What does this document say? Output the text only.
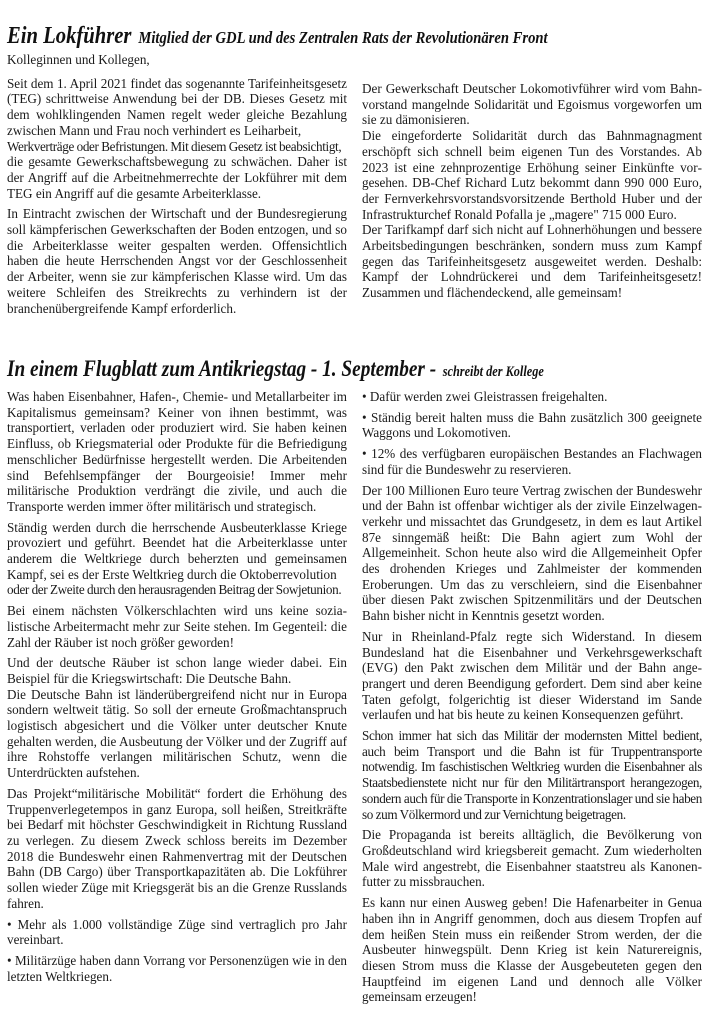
Ein Lokführer Mitglied der GDL und des Zentralen Rats der Revolutionären Front

Kolleginnen und Kollegen,

Seit dem 1. April 2021 findet das sogenannte Tarifeinheitsgesetz (TEG) schrittweise Anwendung bei der DB. Dieses Gesetz mit dem wohlklingenden Namen regelt weder gleiche Bezahlung zwischen Mann und Frau noch verhindert es Leiharbeit,

Werkverträge oder Befristungen. Mit diesem Gesetz ist beabsichtigt,

die gesamte Gewerkschaftsbewegung zu schwächen. Daher ist der Angriff auf die Arbeitnehmerrechte der Lokführer mit dem TEG ein Angriff auf die gesamte Arbeiterklasse.

In Eintracht zwischen der Wirtschaft und der Bundesregierung soll kämpferischen Gewerkschaften der Boden entzogen, und so die Arbeiterklasse weiter gespalten werden. Offensichtlich haben die heute Herrschenden Angst vor der Geschlossenheit der Arbeiter, wenn sie zur kämpferischen Klasse wird. Um das weitere Schleifen des Streikrechts zu verhindern ist der branchenübergreifende Kampf erforderlich.

Der Gewerkschaft Deutscher Lokomotivführer wird vom Bahnvorstand mangelnde Solidarität und Egoismus vorgeworfen um sie zu dämonisieren.

Die eingeforderte Solidarität durch das Bahnmagnagment erschöpft sich schnell beim eigenen Tun des Vorstandes. Ab 2023 ist eine zehnprozentige Erhöhung seiner Einkünfte vorgesehen. DB-Chef Richard Lutz bekommt dann 990 000 Euro, der Fernverkehrsvorstandsvorsitzende Berthold Huber und der Infrastrukturchef Ronald Pofalla je „magere" 715 000 Euro.

Der Tarifkampf darf sich nicht auf Lohnerhöhungen und bessere Arbeitsbedingungen beschränken, sondern muss zum Kampf gegen das Tarifeinheitsgesetz ausgeweitet werden. Deshalb: Kampf der Lohndrückerei und dem Tarifeinheitsgesetz! Zusammen und flächendeckend, alle gemeinsam!

In einem Flugblatt zum Antikriegstag - 1. September - schreibt der Kollege

Was haben Eisenbahner, Hafen-, Chemie- und Metallarbeiter im Kapitalismus gemeinsam? Keiner von ihnen bestimmt, was transportiert, verladen oder produziert wird. Sie haben keinen Einfluss, ob Kriegsmaterial oder Produkte für die Befriedigung menschlicher Bedürfnisse hergestellt werden. Die Arbeitenden sind Befehlsempfänger der Bourgeoisie! Immer mehr militärische Produktion verdrängt die zivile, und auch die Transporte werden immer öfter militärisch und strategisch.

Ständig werden durch die herrschende Ausbeuterklasse Kriege provoziert und geführt. Beendet hat die Arbeiterklasse unter anderem die Weltkriege durch beherzten und gemeinsamen Kampf, sei es der Erste Weltkrieg durch die Oktoberrevolution

oder der Zweite durch den herausragenden Beitrag der Sowjetunion.

Bei einem nächsten Völkerschlachten wird uns keine sozialistische Arbeitermacht mehr zur Seite stehen. Im Gegenteil: die Zahl der Räuber ist noch größer geworden!

Und der deutsche Räuber ist schon lange wieder dabei. Ein Beispiel für die Kriegswirtschaft: Die Deutsche Bahn.

Die Deutsche Bahn ist länderübergreifend nicht nur in Europa sondern weltweit tätig. So soll der erneute Großmachtanspruch logistisch abgesichert und die Völker unter deutscher Knute gehalten werden, die Ausbeutung der Völker und der Zugriff auf ihre Rohstoffe verlangen militärischen Schutz, wenn die Unterdrückten aufstehen.

Das Projekt“militärische Mobilität“ fordert die Erhöhung des Truppenverlegetempos in ganz Europa, soll heißen, Streitkräfte bei Bedarf mit höchster Geschwindigkeit in Richtung Russland zu verlegen. Zu diesem Zweck schloss bereits im Dezember 2018 die Bundeswehr einen Rahmenvertrag mit der Deutschen Bahn (DB Cargo) über Transportkapazitäten ab. Die Lokführer sollen wieder Züge mit Kriegsgerät bis an die Grenze Russlands fahren.

• Mehr als 1.000 vollständige Züge sind vertraglich pro Jahr vereinbart.

• Militärzüge haben dann Vorrang vor Personenzügen wie in den letzten Weltkriegen.

• Dafür werden zwei Gleistrassen freigehalten.

• Ständig bereit halten muss die Bahn zusätzlich 300 geeignete Waggons und Lokomotiven.

• 12% des verfügbaren europäischen Bestandes an Flachwagen sind für die Bundeswehr zu reservieren.

Der 100 Millionen Euro teure Vertrag zwischen der Bundeswehr und der Bahn ist offenbar wichtiger als der zivile Einzelwagenverkehr und missachtet das Grundgesetz, in dem es laut Artikel 87e sinngemäß heißt: Die Bahn agiert zum Wohl der Allgemeinheit. Schon heute also wird die Allgemeinheit Opfer des drohenden Krieges und Zahlmeister der kommenden Eroberungen. Um das zu verschleiern, sind die Eisenbahner über diesen Pakt zwischen Spitzenmilitärs und der Deutschen Bahn bisher nicht in Kenntnis gesetzt worden.

Nur in Rheinland-Pfalz regte sich Widerstand. In diesem Bundesland hat die Eisenbahner und Verkehrsgewerkschaft (EVG) den Pakt zwischen dem Militär und der Bahn angeprangert und deren Beendigung gefordert. Dem sind aber keine Taten gefolgt, folgerichtig ist dieser Widerstand im Sande verlaufen und hat bis heute zu keinen Konsequenzen geführt.

Schon immer hat sich das Militär der modernsten Mittel bedient, auch beim Transport und die Bahn ist für Truppentransporte notwendig. Im faschistischen Weltkrieg wurden die Eisenbahner als Staatsbedienstete nicht nur für den Militärtransport herangezogen, sondern auch für die Transporte in Konzentrationslager und sie haben so zum Völkermord und zur Vernichtung beigetragen.

Die Propaganda ist bereits alltäglich, die Bevölkerung von Großdeutschland wird kriegsbereit gemacht. Zum wiederholten Male wird angestrebt, die Eisenbahner staatstreu als Kanonenfutter zu missbrauchen.

Es kann nur einen Ausweg geben! Die Hafenarbeiter in Genua haben ihn in Angriff genommen, doch aus diesem Tropfen auf dem heißen Stein muss ein reißender Strom werden, der die Ausbeuter hinwegspült. Denn Krieg ist kein Naturereignis, diesen Strom muss die Klasse der Ausgebeuteten gegen den Hauptfeind im eigenen Land und dennoch alle Völker gemeinsam erzeugen!
